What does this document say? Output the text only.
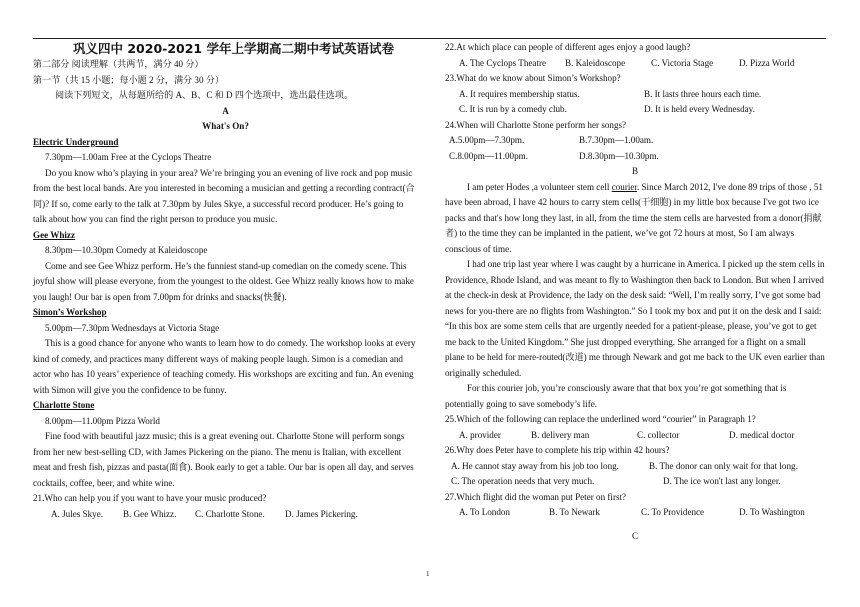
巩义四中 2020-2021 学年上学期高二期中考试英语试卷

第二部分 阅读理解（共两节，满分 40 分）

第一节（共 15 小题；每小题 2 分，满分 30 分）

阅读下列短文，从每题所给的 A、B、C 和 D 四个选项中，选出最佳选项。

A

What's On?

Electric Underground

7.30pm—1.00am Free at the Cyclops Theatre

Do you know who’s playing in your area? We’re bringing you an evening of live rock and pop music from the best local bands. Are you interested in becoming a musician and getting a recording contract(合同)? If so, come early to the talk at 7.30pm by Jules Skye, a successful record producer. He’s going to talk about how you can find the right person to produce you music.

Gee Whizz

8.30pm—10.30pm Comedy at Kaleidoscope

Come and see Gee Whizz perform. He’s the funniest stand-up comedian on the comedy scene. This joyful show will please everyone, from the youngest to the oldest. Gee Whizz really knows how to make you laugh! Our bar is open from 7.00pm for drinks and snacks(快餐).

Simon’s Workshop

5.00pm—7.30pm Wednesdays at Victoria Stage

This is a good chance for anyone who wants to learn how to do comedy. The workshop looks at every kind of comedy, and practices many different ways of making people laugh. Simon is a comedian and actor who has 10 years’ experience of teaching comedy. His workshops are exciting and fun. An evening with Simon will give you the confidence to be funny.

Charlotte Stone

8.00pm—11.00pm Pizza World

Fine food with beautiful jazz music; this is a great evening out. Charlotte Stone will perform songs from her new best-selling CD, with James Pickering on the piano. The menu is Italian, with excellent meat and fresh fish, pizzas and pasta(面食). Book early to get a table. Our bar is open all day, and serves cocktails, coffee, beer, and white wine.

21.Who can help you if you want to have your music produced?

A. Jules Skye.	B. Gee Whizz.	C. Charlotte Stone.	D. James Pickering.

22.At which place can people of different ages enjoy a good laugh?

A. The Cyclops Theatre	B. Kaleidoscope	C. Victoria Stage	D. Pizza World

23.What do we know about Simon’s Workshop?

A. It requires membership status.	B. It lasts three hours each time.
C. It is run by a comedy club.	D. It is held every Wednesday.

24.When will Charlotte Stone perform her songs?

A.5.00pm—7.30pm.	B.7.30pm—1.00am.
C.8.00pm—11.00pm.	D.8.30pm—10.30pm.

B

I am peter Hodes ,a volunteer stem cell courier. Since March 2012, I've done 89 trips of those , 51 have been abroad, I have 42 hours to carry stem cells(干细胞) in my little box because I've got two ice packs and that's how long they last, in all, from the time the stem cells are harvested from a donor(捐献者) to the time they can be implanted in the patient, we’ve got 72 hours at most, So I am always conscious of time.

I had one trip last year where I was caught by a hurricane in America. I picked up the stem cells in Providence, Rhode Island, and was meant to fly to Washington then back to London. But when I arrived at the check-in desk at Providence, the lady on the desk said: “Well, I’m really sorry, I’ve got some bad news for you-there are no flights from Washington.” So I took my box and put it on the desk and I said: “In this box are some stem cells that are urgently needed for a patient-please, please, you’ve got to get me back to the United Kingdom.” She just dropped everything. She arranged for a flight on a small plane to be held for mere-routed(改道) me through Newark and got me back to the UK even earlier than originally scheduled.

For this courier job, you’re consciously aware that that box you’re got something that is potentially going to save somebody’s life.

25.Which of the following can replace the underlined word “courier” in Paragraph 1?

A. provider	B. delivery man	C. collector	D. medical doctor

26.Why does Peter have to complete his trip within 42 hours?

A. He cannot stay away from his job too long.	B. The donor can only wait for that long.
C. The operation needs that very much.	D. The ice won't last any longer.

27.Which flight did the woman put Peter on first?

A. To London	B. To Newark	C. To Providence	D. To Washington

C

1
